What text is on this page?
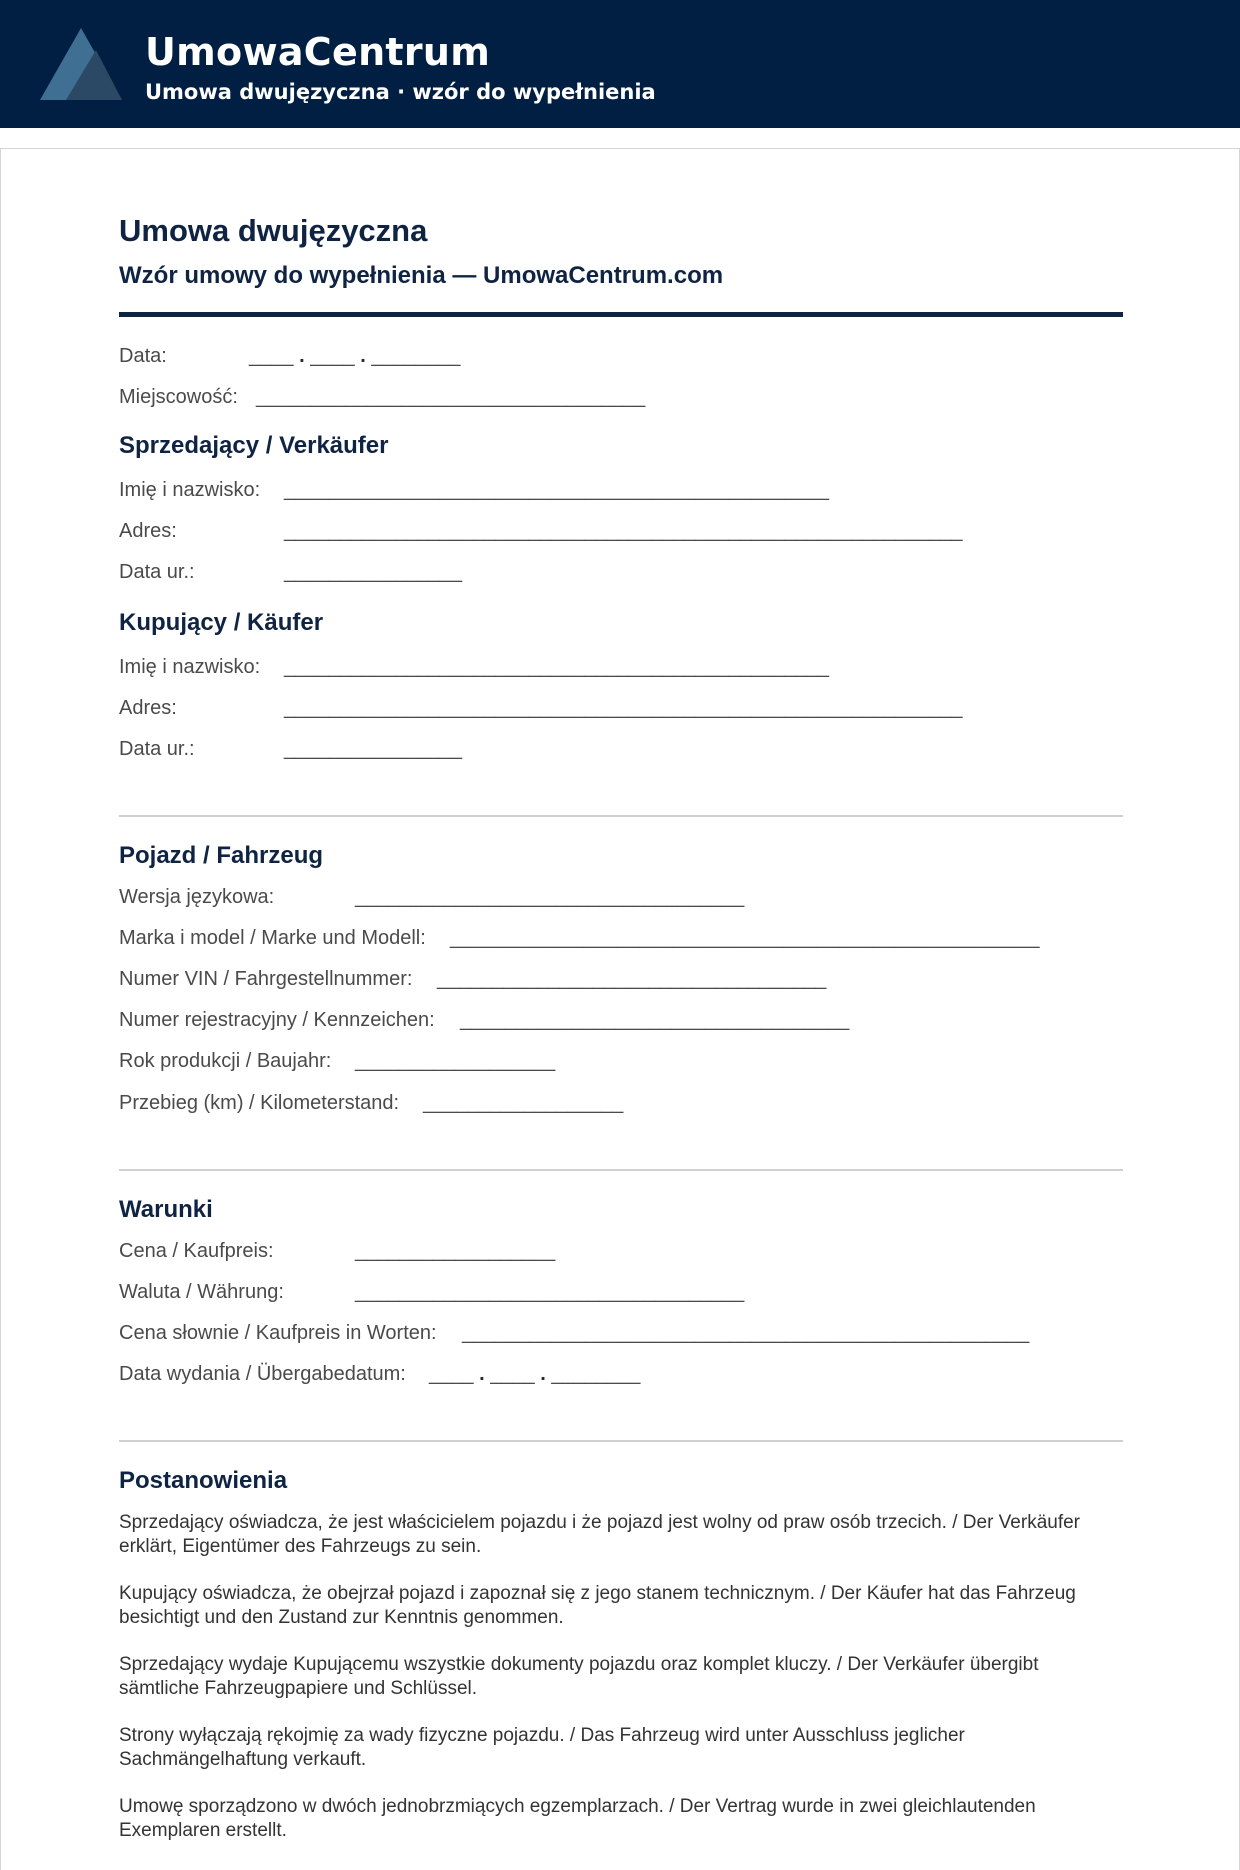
UmowaCentrum
Umowa dwujęzyczna · wzór do wypełnienia
Umowa dwujęzyczna
Wzór umowy do wypełnienia — UmowaCentrum.com
Data:	____ . ____ . ________
Miejscowość: ___________________________________
Sprzedający / Verkäufer
Imię i nazwisko: _________________________________________________
Adres:	_____________________________________________________________
Data ur.:	________________
Kupujący / Käufer
Imię i nazwisko: _________________________________________________
Adres:	_____________________________________________________________
Data ur.:	________________
Pojazd / Fahrzeug
Wersja językowa:	___________________________________
Marka i model / Marke und Modell: _____________________________________________________
Numer VIN / Fahrgestellnummer: ___________________________________
Numer rejestracyjny / Kennzeichen: ___________________________________
Rok produkcji / Baujahr: __________________
Przebieg (km) / Kilometerstand: __________________
Warunki
Cena / Kaufpreis:	__________________
Waluta / Währung:	___________________________________
Cena słownie / Kaufpreis in Worten: ___________________________________________________
Data wydania / Übergabedatum: ____ . ____ . ________
Postanowienia
Sprzedający oświadcza, że jest właścicielem pojazdu i że pojazd jest wolny od praw osób trzecich. / Der Verkäufer erklärt, Eigentümer des Fahrzeugs zu sein.
Kupujący oświadcza, że obejrzał pojazd i zapoznał się z jego stanem technicznym. / Der Käufer hat das Fahrzeug besichtigt und den Zustand zur Kenntnis genommen.
Sprzedający wydaje Kupującemu wszystkie dokumenty pojazdu oraz komplet kluczy. / Der Verkäufer übergibt sämtliche Fahrzeugpapiere und Schlüssel.
Strony wyłączają rękojmię za wady fizyczne pojazdu. / Das Fahrzeug wird unter Ausschluss jeglicher Sachmängelhaftung verkauft.
Umowę sporządzono w dwóch jednobrzmiących egzemplarzach. / Der Vertrag wurde in zwei gleichlautenden Exemplaren erstellt.
